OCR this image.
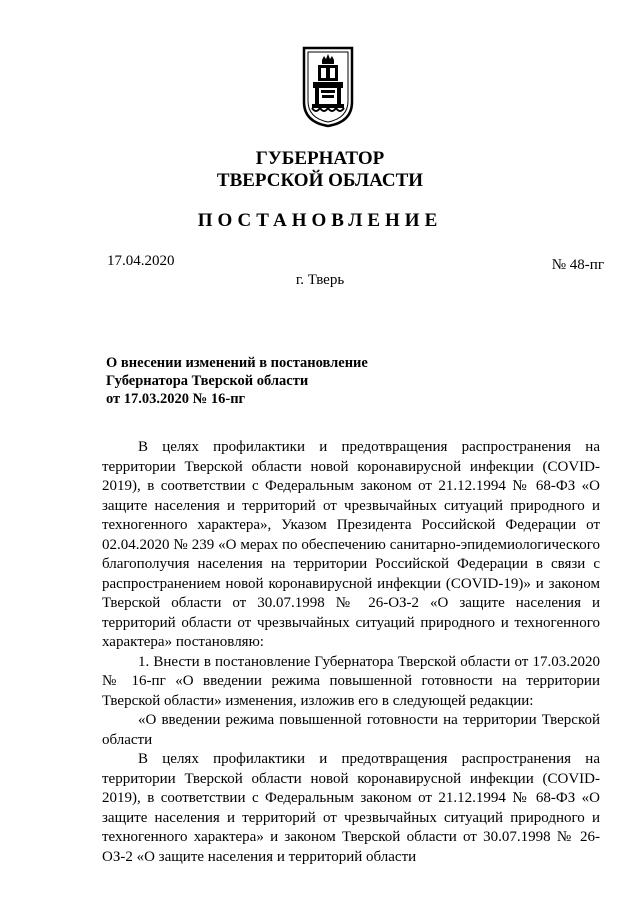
ГУБЕРНАТОР
ТВЕРСКОЙ ОБЛАСТИ
ПОСТАНОВЛЕНИЕ
17.04.2020	№ 48-пг
г. Тверь
О внесении изменений в постановление
Губернатора Тверской области
от 17.03.2020 № 16-пг

В целях профилактики и предотвращения распространения на территории Тверской области новой коронавирусной инфекции (COVID-2019), в соответствии с Федеральным законом от 21.12.1994 № 68-ФЗ «О защите населения и территорий от чрезвычайных ситуаций природного и техногенного характера», Указом Президента Российской Федерации от 02.04.2020 № 239 «О мерах по обеспечению санитарно-эпидемиологического благополучия населения на территории Российской Федерации в связи с распространением новой коронавирусной инфекции (COVID-19)» и законом Тверской области от 30.07.1998 № 26-ОЗ-2 «О защите населения и территорий области от чрезвычайных ситуаций природного и техногенного характера» постановляю:

1. Внести в постановление Губернатора Тверской области от 17.03.2020 № 16-пг «О введении режима повышенной готовности на территории Тверской области» изменения, изложив его в следующей редакции:

«О введении режима повышенной готовности на территории Тверской области

В целях профилактики и предотвращения распространения на территории Тверской области новой коронавирусной инфекции (COVID-2019), в соответствии с Федеральным законом от 21.12.1994 № 68-ФЗ «О защите населения и территорий от чрезвычайных ситуаций природного и техногенного характера» и законом Тверской области от 30.07.1998 № 26-ОЗ-2 «О защите населения и территорий области
